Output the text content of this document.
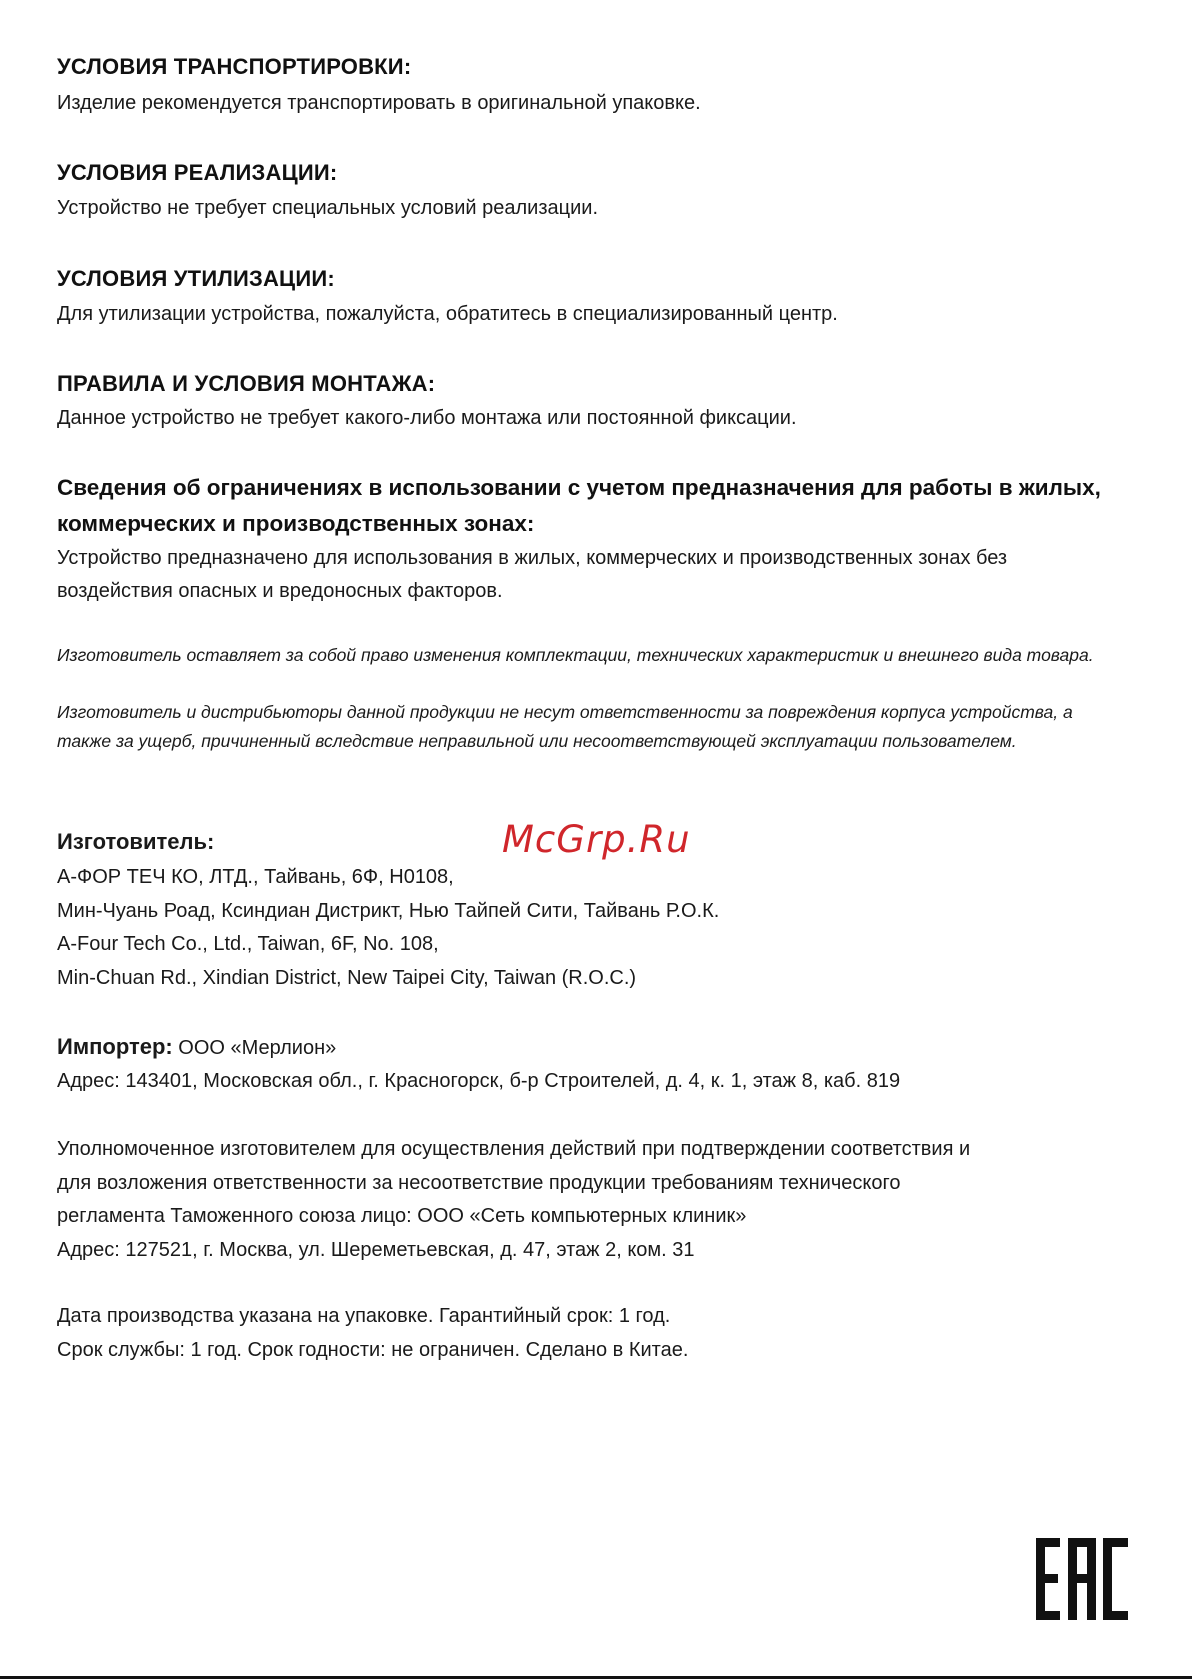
УСЛОВИЯ ТРАНСПОРТИРОВКИ:

Изделие рекомендуется транспортировать в оригинальной упаковке.

УСЛОВИЯ РЕАЛИЗАЦИИ:

Устройство не требует специальных условий реализации.

УСЛОВИЯ УТИЛИЗАЦИИ:

Для утилизации устройства, пожалуйста, обратитесь в специализированный центр.

ПРАВИЛА И УСЛОВИЯ МОНТАЖА:

Данное устройство не требует какого-либо монтажа или постоянной фиксации.

Сведения об ограничениях в использовании с учетом предназначения для работы в жилых, коммерческих и производственных зонах:

Устройство предназначено для использования в жилых, коммерческих и производственных зонах без воздействия опасных и вредоносных факторов.

Изготовитель оставляет за собой право изменения комплектации, технических характеристик и внешнего вида товара.

Изготовитель и дистрибьюторы данной продукции не несут ответственности за повреждения корпуса устройства, а также за ущерб, причиненный вследствие неправильной или несоответствующей эксплуатации пользователем.

Изготовитель:
A-ФОР ТЕЧ КО, ЛТД., Тайвань, 6Ф, Н0108,
Мин-Чуань Роад, Ксиндиан Дистрикт, Нью Тайпей Сити, Тайвань Р.О.К.
A-Four Tech Co., Ltd., Taiwan, 6F, No. 108,
Min-Chuan Rd., Xindian District, New Taipei City, Taiwan (R.O.C.)
Импортер: ООО «Мерлион»
Адрес: 143401, Московская обл., г. Красногорск, б-р Строителей, д. 4, к. 1, этаж 8, каб. 819
Уполномоченное изготовителем для осуществления действий при подтверждении соответствия и
для возложения ответственности за несоответствие продукции требованиям технического
регламента Таможенного союза лицо: ООО «Сеть компьютерных клиник»
Адрес: 127521, г. Москва, ул. Шереметьевская, д. 47, этаж 2, ком. 31
Дата производства указана на упаковке. Гарантийный срок: 1 год.
Срок службы: 1 год. Срок годности: не ограничен. Сделано в Китае.
McGrp.Ru
